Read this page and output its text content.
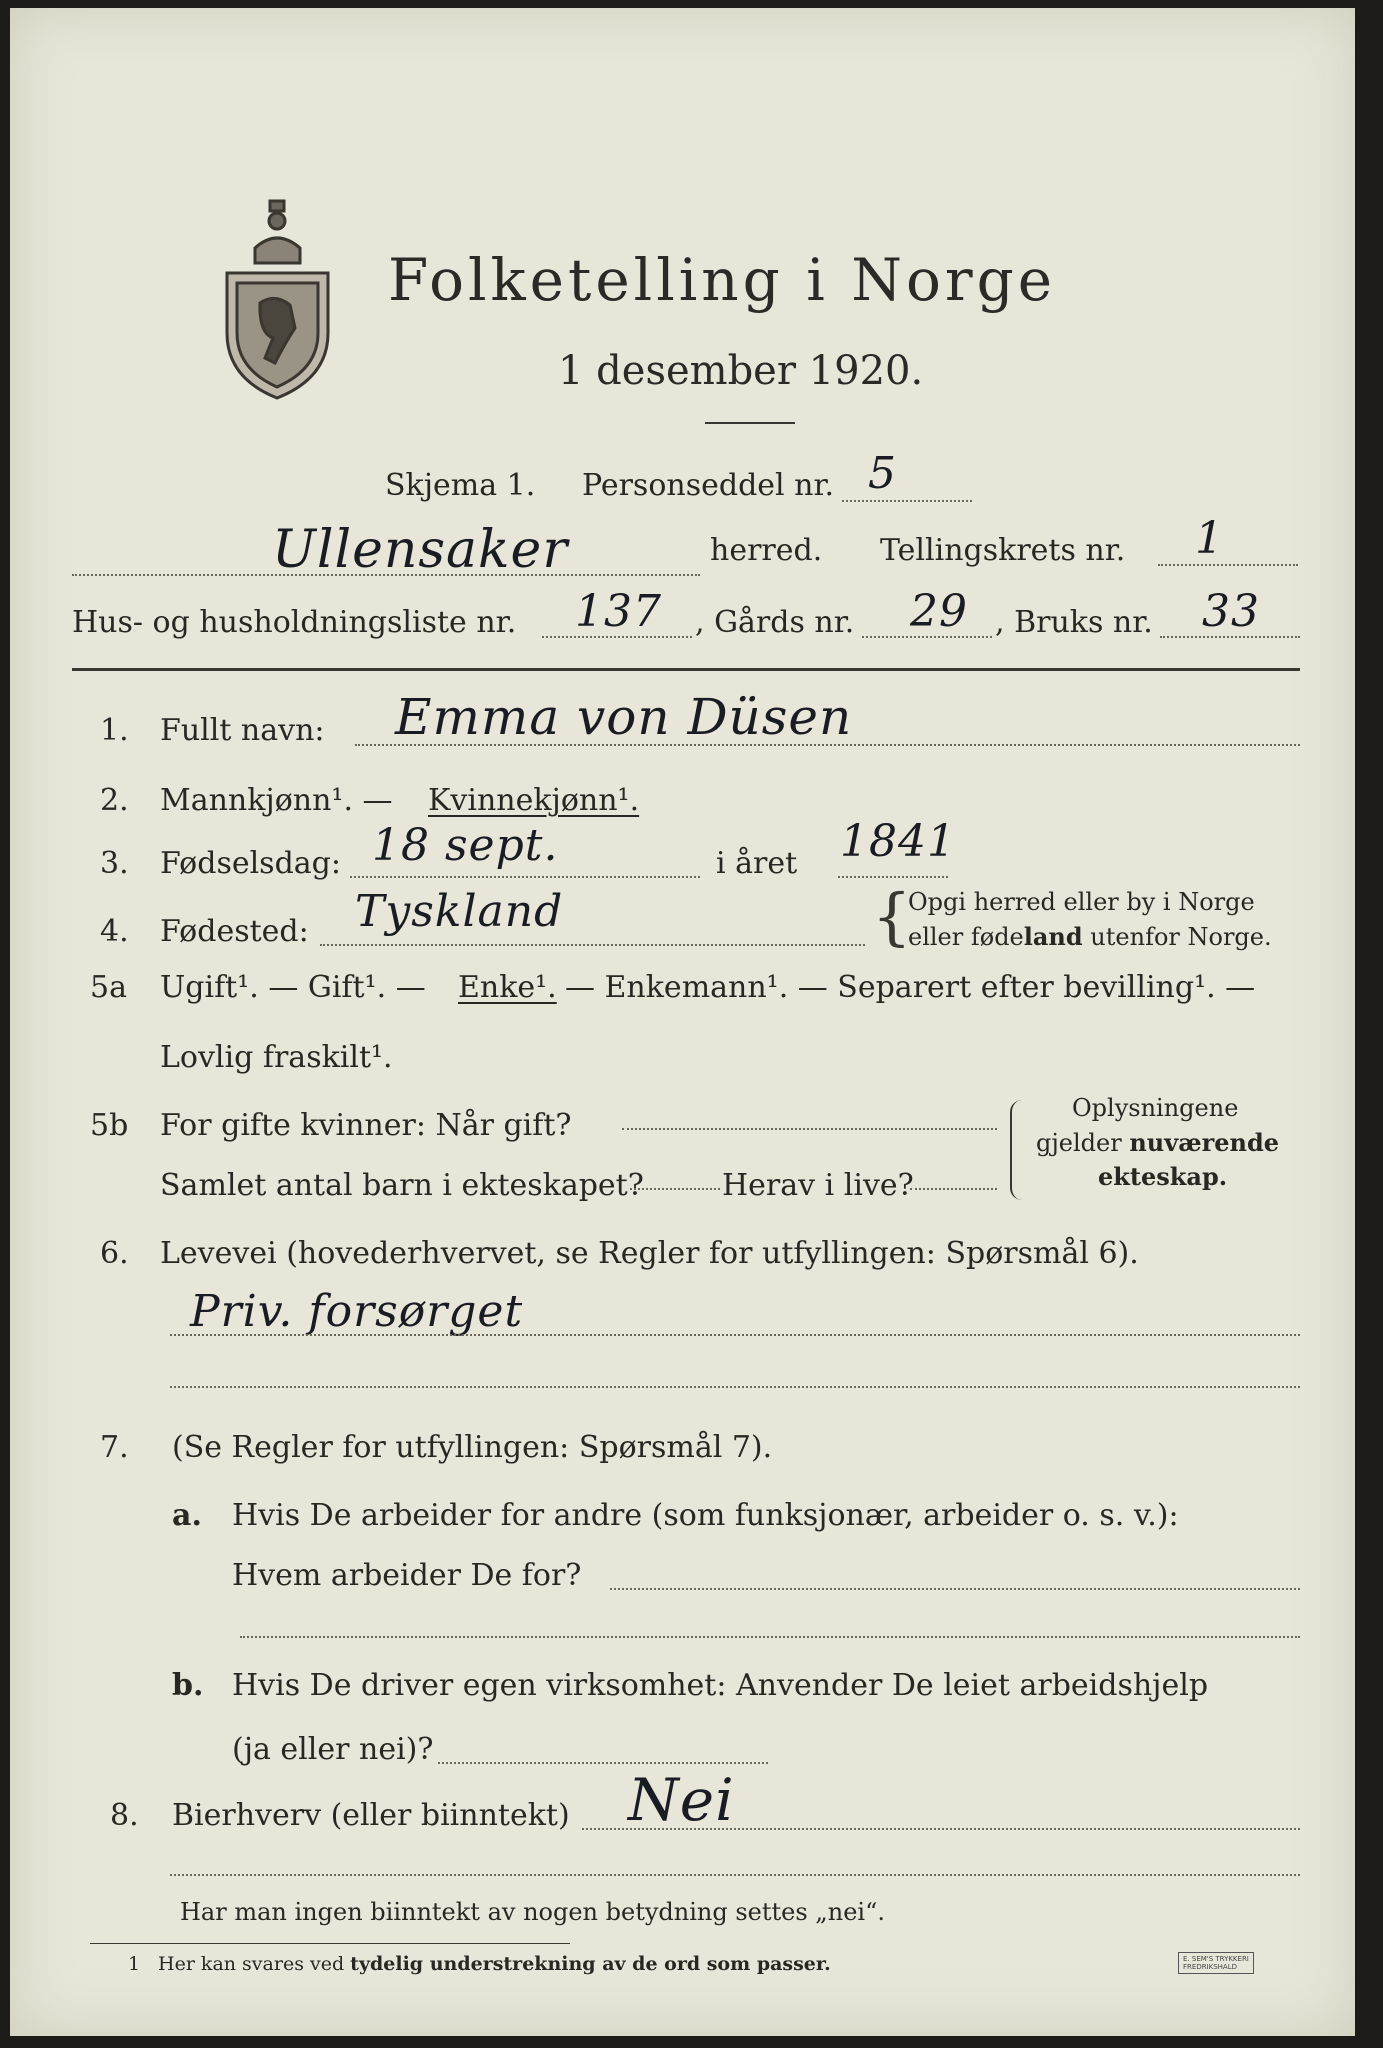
Folketelling i Norge
1 desember 1920.
Skjema 1. Personseddel nr. 5
Ullensaker	herred. Tellingskrets nr. 1
Hus- og husholdningsliste nr. 137 , Gårds nr. 29 , Bruks nr. 33
1. Fullt navn: Emma von Düsen
2. Mannkjønn¹. — Kvinnekjønn¹.
3. Fødselsdag: 18 sept.	i året 1841
4. Fødested: Tyskland	{
Opgi herred eller by i Norge
eller fødeland utenfor Norge.
5a Ugift¹. — Gift¹. — Enke¹. — Enkemann¹. — Separert efter bevilling¹. —
Lovlig fraskilt¹.
5b For gifte kvinner: Når gift?
Samlet antal barn i ekteskapet?	Herav i live?
Oplysningene
gjelder nuværende
ekteskap.
6. Levevei (hovederhvervet, se Regler for utfyllingen: Spørsmål 6).
Priv. forsørget
7. (Se Regler for utfyllingen: Spørsmål 7).
a. Hvis De arbeider for andre (som funksjonær, arbeider o. s. v.):
Hvem arbeider De for?
b. Hvis De driver egen virksomhet: Anvender De leiet arbeidshjelp
(ja eller nei)?
8. Bierhverv (eller biinntekt) Nei
Har man ingen biinntekt av nogen betydning settes „nei“.
1 Her kan svares ved tydelig understrekning av de ord som passer.	E. SEM'S TRYKKERI
FREDRIKSHALD
